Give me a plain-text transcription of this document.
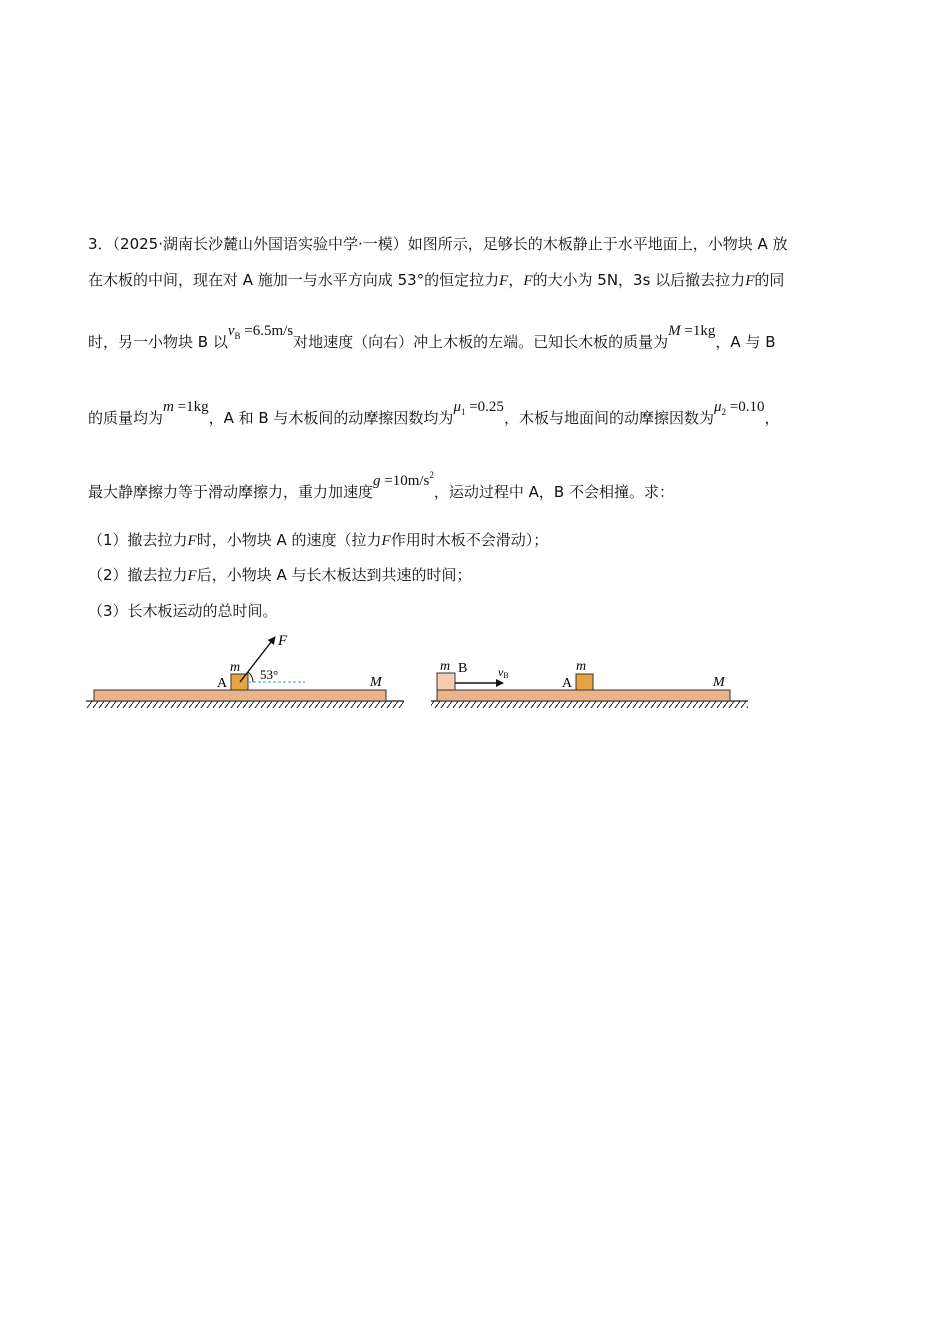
3．（2025·湖南长沙麓山外国语实验中学·一模）如图所示，足够长的木板静止于水平地面上，小物块 A 放
在木板的中间，现在对 A 施加一与水平方向成 53°的恒定拉力F，F的大小为 5N，3s 以后撤去拉力F的同
时，另一小物块 B 以$v_B =6.5m/s$对地速度（向右）冲上木板的左端。已知长木板的质量为M =1kg，A 与 B
的质量均为m =1kg，A 和 B 与木板间的动摩擦因数均为$\mu_1 =0.25$，木板与地面间的动摩擦因数为$\mu_2 =0.10$，
最大静摩擦力等于滑动摩擦力，重力加速度$g =10m/s^2$，运动过程中 A，B 不会相撞。求：
（1）撤去拉力F时，小物块 A 的速度（拉力F作用时木板不会滑动）；
（2）撤去拉力F后，小物块 A 与长木板达到共速的时间；
（3）长木板运动的总时间。
F
m 53°
A	M
m B	vB
m
A	M
